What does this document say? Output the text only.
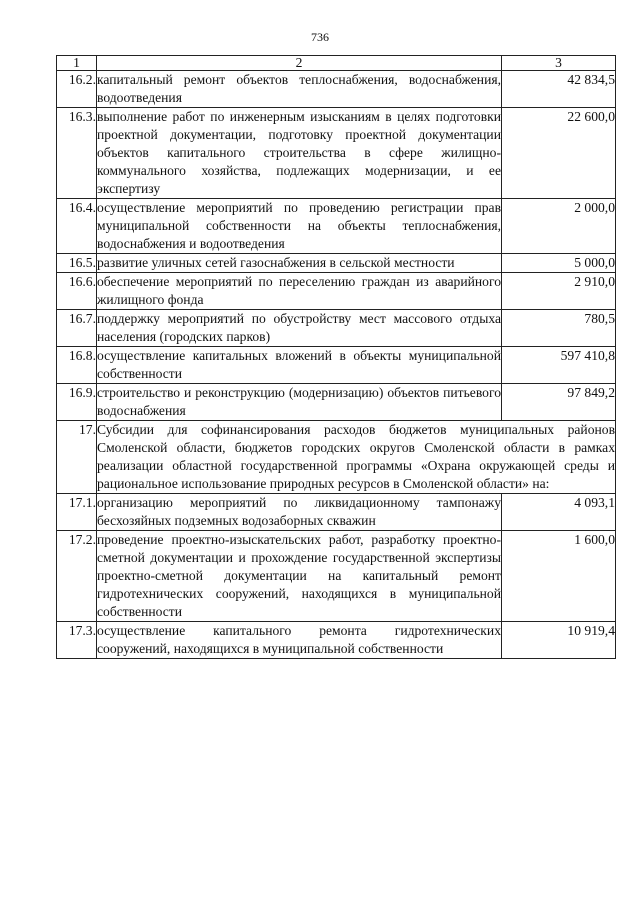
736
1	2	3
16.2.	капитальный ремонт объектов теплоснабжения, водоснабжения, водоотведения	42 834,5
16.3.	выполнение работ по инженерным изысканиям в целях подготовки проектной документации, подготовку проектной документации объектов капитального строительства в сфере жилищно-коммунального хозяйства, подлежащих модернизации, и ее экспертизу	22 600,0
16.4.	осуществление мероприятий по проведению регистрации прав муниципальной собственности на объекты теплоснабжения, водоснабжения и водоотведения	2 000,0
16.5.	развитие уличных сетей газоснабжения в сельской местности	5 000,0
16.6.	обеспечение мероприятий по переселению граждан из аварийного жилищного фонда	2 910,0
16.7.	поддержку мероприятий по обустройству мест массового отдыха населения (городских парков)	780,5
16.8.	осуществление капитальных вложений в объекты муниципальной собственности	597 410,8
16.9.	строительство и реконструкцию (модернизацию) объектов питьевого водоснабжения	97 849,2
17.	Субсидии для софинансирования расходов бюджетов муниципальных районов Смоленской области, бюджетов городских округов Смоленской области в рамках реализации областной государственной программы «Охрана окружающей среды и рациональное использование природных ресурсов в Смоленской области» на:	
17.1.	организацию мероприятий по ликвидационному тампонажу бесхозяйных подземных водозаборных скважин	4 093,1
17.2.	проведение проектно-изыскательских работ, разработку проектно-сметной документации и прохождение государственной экспертизы проектно-сметной документации на капитальный ремонт гидротехнических сооружений, находящихся в муниципальной собственности	1 600,0
17.3.	осуществление капитального ремонта гидротехнических сооружений, находящихся в муниципальной собственности	10 919,4
